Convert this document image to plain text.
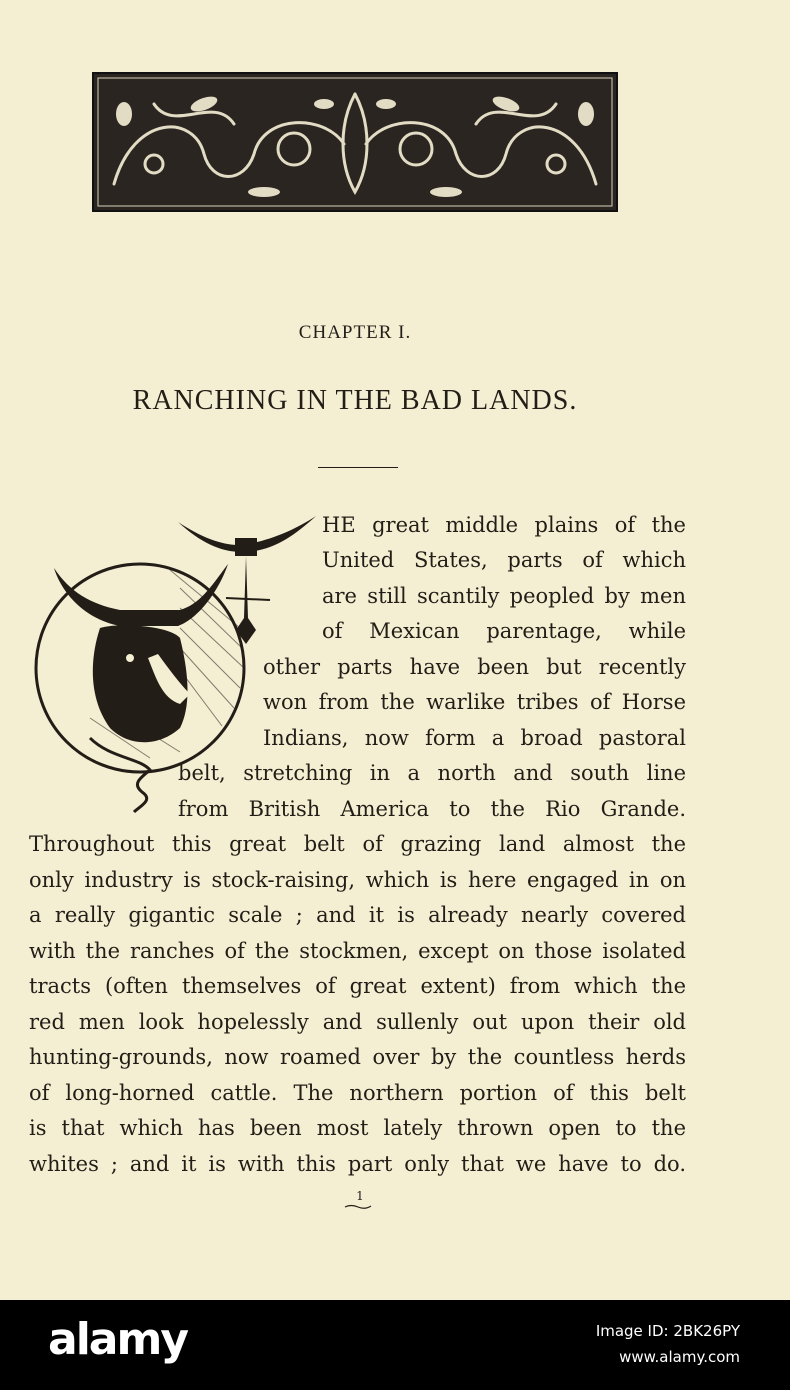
CHAPTER I.
RANCHING IN THE BAD LANDS.
HE great middle plains of the
United States, parts of which
are still scantily peopled by men
of Mexican parentage, while
other parts have been but recently
won from the warlike tribes of Horse
Indians, now form a broad pastoral
belt, stretching in a north and south line
from British America to the Rio Grande.
Throughout this great belt of grazing land almost the
only industry is stock-raising, which is here engaged in on
a really gigantic scale ; and it is already nearly covered
with the ranches of the stockmen, except on those isolated
tracts (often themselves of great extent) from which the
red men look hopelessly and sullenly out upon their old
hunting-grounds, now roamed over by the countless herds
of long-horned cattle. The northern portion of this belt
is that which has been most lately thrown open to the
whites ; and it is with this part only that we have to do.
1
alamy	Image ID: 2BK26PY
www.alamy.com
